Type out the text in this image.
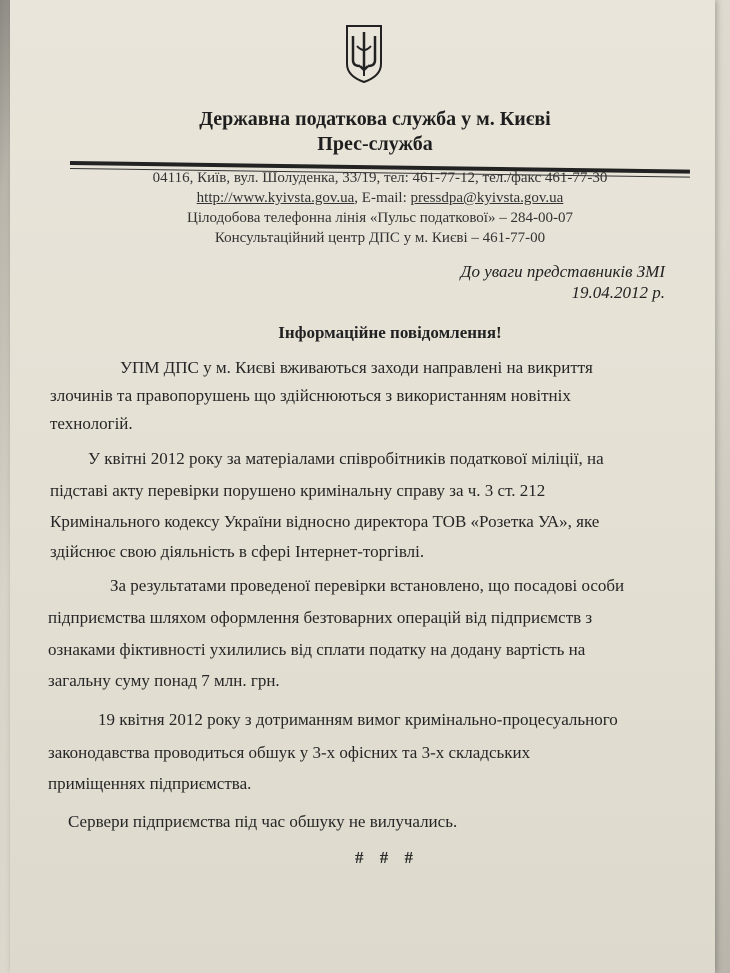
Державна податкова служба у м. Києві
Прес-служба
04116, Київ, вул. Шолуденка, 33/19, тел: 461-77-12, тел./факс 461-77-30
http://www.kyivsta.gov.ua, E-mail: pressdpa@kyivsta.gov.ua
Цілодобова телефонна лінія «Пульс податкової» – 284-00-07
Консультаційний центр ДПС у м. Києві – 461-77-00
До уваги представників ЗМІ
19.04.2012 р.
Інформаційне повідомлення!
УПМ ДПС у м. Києві вживаються заходи направлені на викриття
злочинів та правопорушень що здійснюються з використанням новітніх
технологій.
У квітні 2012 року за матеріалами співробітників податкової міліції, на
підставі акту перевірки порушено кримінальну справу за ч. 3 ст. 212
Кримінального кодексу України відносно директора ТОВ «Розетка УА», яке
здійснює свою діяльність в сфері Інтернет-торгівлі.
За результатами проведеної перевірки встановлено, що посадові особи
підприємства шляхом оформлення безтоварних операцій від підприємств з
ознаками фіктивності ухилились від сплати податку на додану вартість на
загальну суму понад 7 млн. грн.
19 квітня 2012 року з дотриманням вимог кримінально-процесуального
законодавства проводиться обшук у 3-х офісних та 3-х складських
приміщеннях підприємства.
Сервери підприємства під час обшуку не вилучались.
# # #
